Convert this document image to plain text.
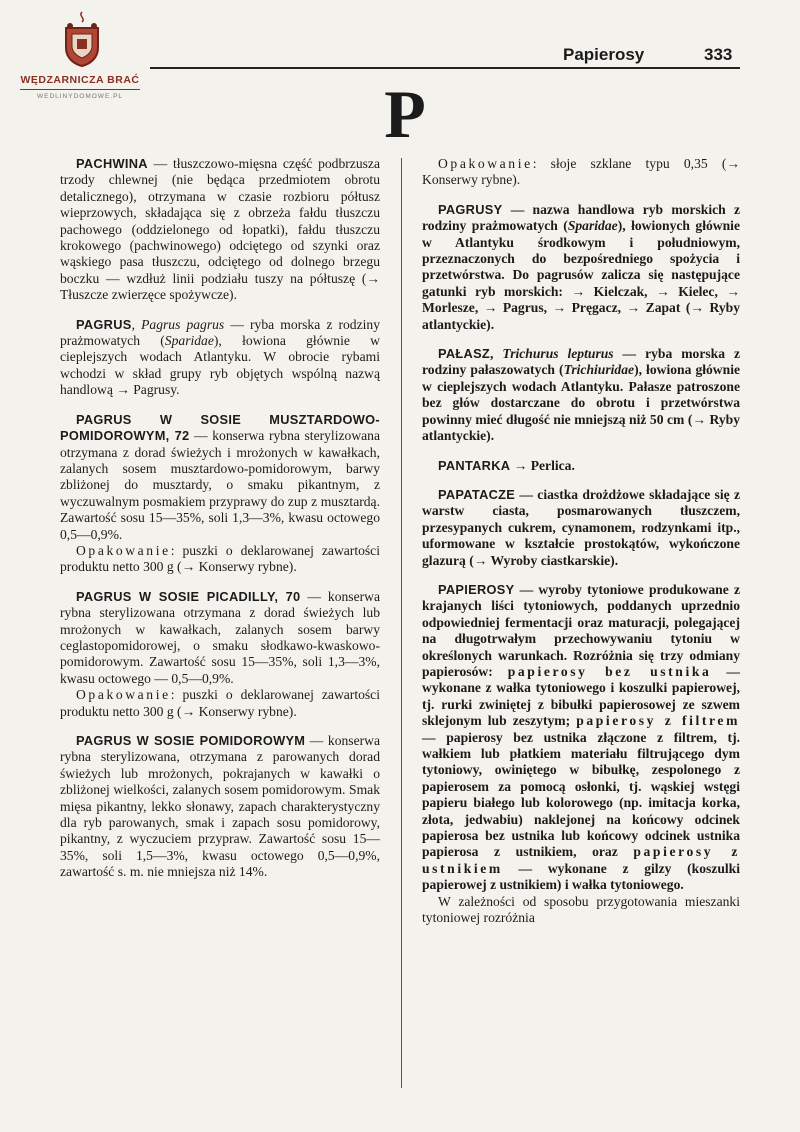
WĘDZARNICZA BRAĆ
WEDLINYDOMOWE.PL
Papierosy	333
P

PACHWINA — tłuszczowo-mięsna część podbrzusza trzody chlewnej (nie będąca przedmiotem obrotu detalicznego), otrzymana w czasie rozbioru półtusz wieprzowych, składająca się z obrzeża fałdu tłuszczu pachowego (oddzielonego od łopatki), fałdu tłuszczu krokowego (pachwinowego) odciętego od szynki oraz wąskiego pasa tłuszczu, odciętego od dolnego brzegu boczku — wzdłuż linii podziału tuszy na półtuszę (→ Tłuszcze zwierzęce spożywcze).

PAGRUS, Pagrus pagrus — ryba morska z rodziny prażmowatych (Sparidae), łowiona głównie w cieplejszych wodach Atlantyku. W obrocie rybami wchodzi w skład grupy ryb objętych wspólną nazwą handlową → Pagrusy.

PAGRUS W SOSIE MUSZTARDOWO-POMIDOROWYM, 72 — konserwa rybna sterylizowana otrzymana z dorad świeżych i mrożonych w kawałkach, zalanych sosem musztardowo-pomidorowym, barwy zbliżonej do musztardy, o smaku pikantnym, z wyczuwalnym posmakiem przyprawy do zup z musztardą. Zawartość sosu 15—35%, soli 1,3—3%, kwasu octowego 0,5—0,9%.

Opakowanie: puszki o deklarowanej zawartości produktu netto 300 g (→ Konserwy rybne).

PAGRUS W SOSIE PICADILLY, 70 — konserwa rybna sterylizowana otrzymana z dorad świeżych lub mrożonych w kawałkach, zalanych sosem barwy ceglastopomidorowej, o smaku słodkawo-kwaskowo-pomidorowym. Zawartość sosu 15—35%, soli 1,3—3%, kwasu octowego — 0,5—0,9%.

Opakowanie: puszki o deklarowanej zawartości produktu netto 300 g (→ Konserwy rybne).

PAGRUS W SOSIE POMIDOROWYM — konserwa rybna sterylizowana, otrzymana z parowanych dorad świeżych lub mrożonych, pokrajanych w kawałki o zbliżonej wielkości, zalanych sosem pomidorowym. Smak mięsa pikantny, lekko słonawy, zapach charakterystyczny dla ryb parowanych, smak i zapach sosu pomidorowy, pikantny, z wyczuciem przypraw. Zawartość sosu 15—35%, soli 1,5—3%, kwasu octowego 0,5—0,9%, zawartość s. m. nie mniejsza niż 14%.

Opakowanie: słoje szklane typu 0,35 (→ Konserwy rybne).

PAGRUSY — nazwa handlowa ryb morskich z rodziny prażmowatych (Sparidae), łowionych głównie w Atlantyku środkowym i południowym, przeznaczonych do bezpośredniego spożycia i przetwórstwa. Do pagrusów zalicza się następujące gatunki ryb morskich: → Kielczak, → Kielec, → Morlesze, → Pagrus, → Pręgacz, → Zapat (→ Ryby atlantyckie).

PAŁASZ, Trichurus lepturus — ryba morska z rodziny pałaszowatych (Trichiuridae), łowiona głównie w cieplejszych wodach Atlantyku. Pałasze patroszone bez głów dostarczane do obrotu i przetwórstwa powinny mieć długość nie mniejszą niż 50 cm (→ Ryby atlantyckie).

PANTARKA → Perlica.

PAPATACZE — ciastka drożdżowe składające się z warstw ciasta, posmarowanych tłuszczem, przesypanych cukrem, cynamonem, rodzynkami itp., uformowane w kształcie prostokątów, wykończone glazurą (→ Wyroby ciastkarskie).

PAPIEROSY — wyroby tytoniowe produkowane z krajanych liści tytoniowych, poddanych uprzednio odpowiedniej fermentacji oraz maturacji, polegającej na długotrwałym przechowywaniu tytoniu w określonych warunkach. Rozróżnia się trzy odmiany papierosów: papierosy bez ustnika — wykonane z wałka tytoniowego i koszulki papierowej, tj. rurki zwiniętej z bibułki papierosowej ze szwem sklejonym lub zeszytym; papierosy z filtrem — papierosy bez ustnika złączone z filtrem, tj. wałkiem lub płatkiem materiału filtrującego dym tytoniowy, owiniętego w bibułkę, zespolonego z papierosem za pomocą osłonki, tj. wąskiej wstęgi papieru białego lub kolorowego (np. imitacja korka, złota, jedwabiu) naklejonej na końcowy odcinek papierosa bez ustnika lub końcowy odcinek ustnika papierosa z ustnikiem, oraz papierosy z ustnikiem — wykonane z gilzy (koszulki papierowej z ustnikiem) i wałka tytoniowego.

W zależności od sposobu przygotowania mieszanki tytoniowej rozróżnia
